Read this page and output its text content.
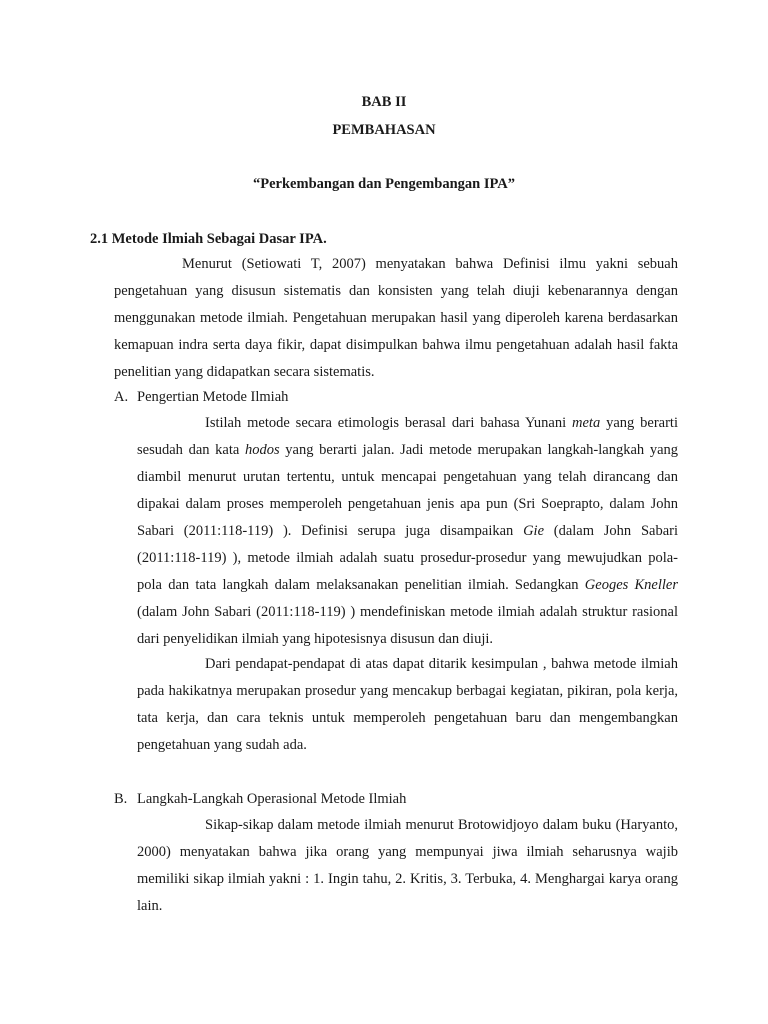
BAB II
PEMBAHASAN
“Perkembangan dan Pengembangan IPA”
2.1 Metode Ilmiah Sebagai Dasar IPA.

Menurut (Setiowati T, 2007) menyatakan bahwa Definisi ilmu yakni sebuah pengetahuan yang disusun sistematis dan konsisten yang telah diuji kebenarannya dengan menggunakan metode ilmiah. Pengetahuan merupakan hasil yang diperoleh karena berdasarkan kemapuan indra serta daya fikir, dapat disimpulkan bahwa ilmu pengetahuan adalah hasil fakta penelitian yang didapatkan secara sistematis.

A. Pengertian Metode Ilmiah

Istilah metode secara etimologis berasal dari bahasa Yunani meta yang berarti sesudah dan kata hodos yang berarti jalan. Jadi metode merupakan langkah-langkah yang diambil menurut urutan tertentu, untuk mencapai pengetahuan yang telah dirancang dan dipakai dalam proses memperoleh pengetahuan jenis apa pun (Sri Soeprapto, dalam John Sabari (2011:118-119) ). Definisi serupa juga disampaikan Gie (dalam John Sabari (2011:118-119) ), metode ilmiah adalah suatu prosedur-prosedur yang mewujudkan pola-pola dan tata langkah dalam melaksanakan penelitian ilmiah. Sedangkan Geoges Kneller (dalam John Sabari (2011:118-119) ) mendefiniskan metode ilmiah adalah struktur rasional dari penyelidikan ilmiah yang hipotesisnya disusun dan diuji.

Dari pendapat-pendapat di atas dapat ditarik kesimpulan , bahwa metode ilmiah pada hakikatnya merupakan prosedur yang mencakup berbagai kegiatan, pikiran, pola kerja, tata kerja, dan cara teknis untuk memperoleh pengetahuan baru dan mengembangkan pengetahuan yang sudah ada.

B. Langkah-Langkah Operasional Metode Ilmiah

Sikap-sikap dalam metode ilmiah menurut Brotowidjoyo dalam buku (Haryanto, 2000) menyatakan bahwa jika orang yang mempunyai jiwa ilmiah seharusnya wajib memiliki sikap ilmiah yakni : 1. Ingin tahu, 2. Kritis, 3. Terbuka, 4. Menghargai karya orang lain.
